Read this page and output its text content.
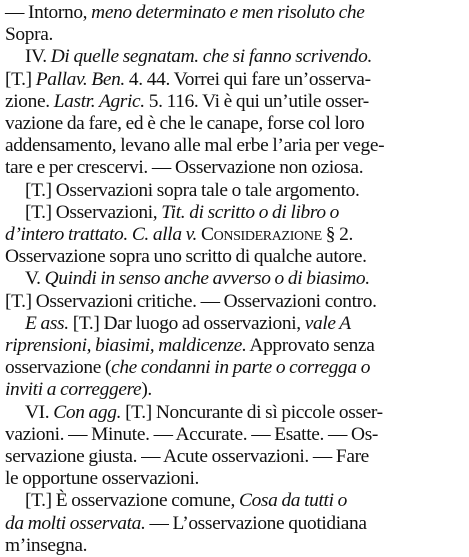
— Intorno, meno determinato e men risoluto che
Sopra.
IV. Di quelle segnatam. che si fanno scrivendo.
[T.] Pallav. Ben. 4. 44. Vorrei qui fare un’osserva-
zione. Lastr. Agric. 5. 116. Vi è qui un’utile osser-
vazione da fare, ed è che le canape, forse col loro
addensamento, levano alle mal erbe l’aria per vege-
tare e per crescervi. — Osservazione non oziosa.
[T.] Osservazioni sopra tale o tale argomento.
[T.] Osservazioni, Tit. di scritto o di libro o
d’intero trattato. C. alla v. Considerazione § 2.
Osservazione sopra uno scritto di qualche autore.
V. Quindi in senso anche avverso o di biasimo.
[T.] Osservazioni critiche. — Osservazioni contro.
E ass. [T.] Dar luogo ad osservazioni, vale A
riprensioni, biasimi, maldicenze. Approvato senza
osservazione (che condanni in parte o corregga o
inviti a correggere).
VI. Con agg. [T.] Noncurante di sì piccole osser-
vazioni. — Minute. — Accurate. — Esatte. — Os-
servazione giusta. — Acute osservazioni. — Fare
le opportune osservazioni.
[T.] È osservazione comune, Cosa da tutti o
da molti osservata. — L’osservazione quotidiana
m’insegna.
